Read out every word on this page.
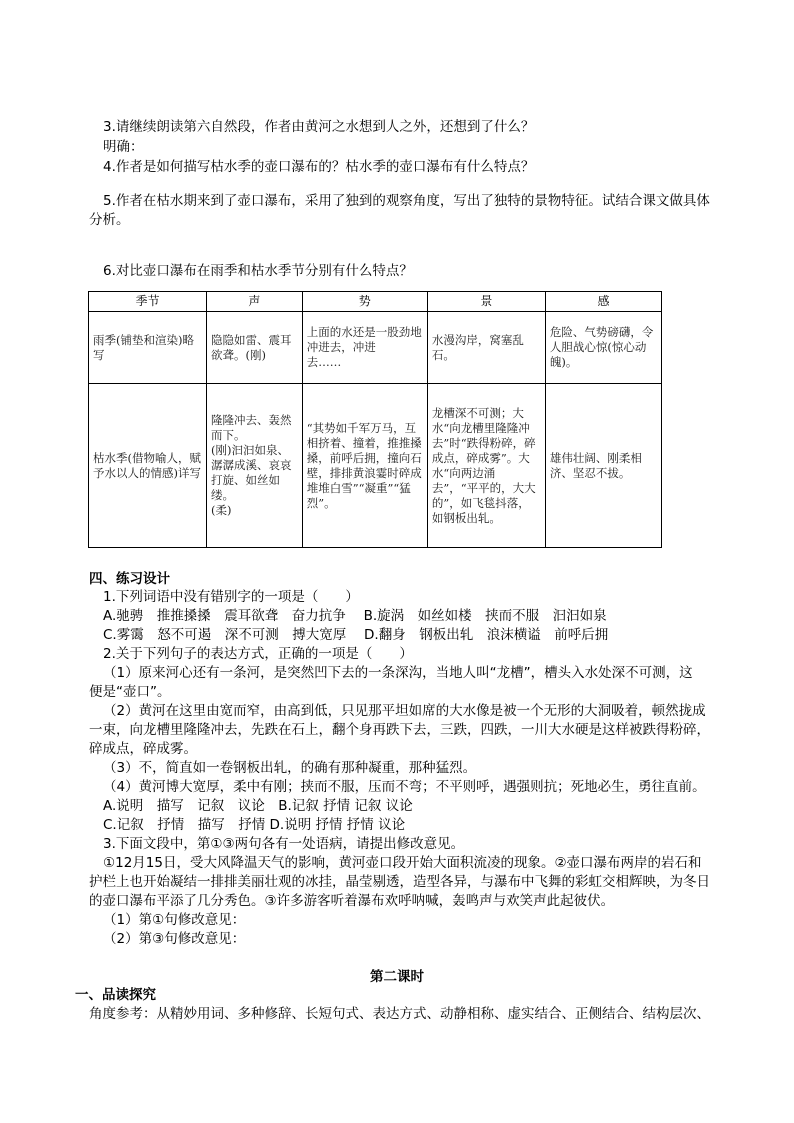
3.请继续朗读第六自然段，作者由黄河之水想到人之外，还想到了什么？
明确：
4.作者是如何描写枯水季的壶口瀑布的？枯水季的壶口瀑布有什么特点？
5.作者在枯水期来到了壶口瀑布，采用了独到的观察角度，写出了独特的景物特征。试结合课文做具体
分析。
6.对比壶口瀑布在雨季和枯水季节分别有什么特点？
季节	声	势	景	感
雨季(铺垫和渲染)略写	隐隐如雷、震耳欲聋。(刚)	上面的水还是一股劲地冲进去，冲进
去……	水漫沟岸，窝塞乱石。	危险、气势磅礴，令人胆战心惊(惊心动魄)。
枯水季(借物喻人，赋予水以人的情感)详写	隆隆冲去、轰然而下。
(刚)汩汩如泉、潺潺成溪、哀哀打旋、如丝如缕。
(柔)	“其势如千军万马，互相挤着、撞着，推推搡搡，前呼后拥，撞向石壁，排排黄浪霎时碎成堆堆白雪”“凝重”“猛烈”。	龙槽深不可测；大水“向龙槽里隆隆冲去”时“跌得粉碎，碎成点，碎成雾”。大水“向两边涌去”，“平平的，大大的”，如飞毯抖落，如钢板出轧。	雄伟壮阔、刚柔相济、坚忍不拔。
四、练习设计
1.下列词语中没有错别字的一项是（　　）
A.驰骋　推推搡搡　震耳欲聋　奋力抗争　 B.旋涡　如丝如楼　挟而不服　汩汩如泉
C.雾霭　怒不可遏　深不可测　搏大宽厚　 D.翻身　钢板出轧　浪沫横谥　前呼后拥
2.关于下列句子的表达方式，正确的一项是（　　）
（1）原来河心还有一条河，是突然凹下去的一条深沟，当地人叫“龙槽”，槽头入水处深不可测，这
便是“壶口”。
（2）黄河在这里由宽而窄，由高到低，只见那平坦如席的大水像是被一个无形的大洞吸着，顿然拢成
一束，向龙槽里隆隆冲去，先跌在石上，翻个身再跌下去，三跌，四跌，一川大水硬是这样被跌得粉碎，
碎成点，碎成雾。
（3）不，简直如一卷钢板出轧，的确有那种凝重，那种猛烈。
（4）黄河博大宽厚，柔中有刚；挟而不服，压而不弯；不平则呼，遇强则抗；死地必生，勇往直前。
A.说明　描写　记叙　议论　B.记叙 抒情 记叙 议论
C.记叙　抒情　描写　抒情 D.说明 抒情 抒情 议论
3.下面文段中，第①③两句各有一处语病，请提出修改意见。
①12月15日，受大风降温天气的影响，黄河壶口段开始大面积流凌的现象。②壶口瀑布两岸的岩石和
护栏上也开始凝结一排排美丽壮观的冰挂，晶莹剔透，造型各异，与瀑布中飞舞的彩虹交相辉映，为冬日
的壶口瀑布平添了几分秀色。③许多游客听着瀑布欢呼呐喊，轰鸣声与欢笑声此起彼伏。
（1）第①句修改意见：
（2）第③句修改意见：
第二课时
一、品读探究
角度参考：从精妙用词、多种修辞、长短句式、表达方式、动静相称、虚实结合、正侧结合、结构层次、
